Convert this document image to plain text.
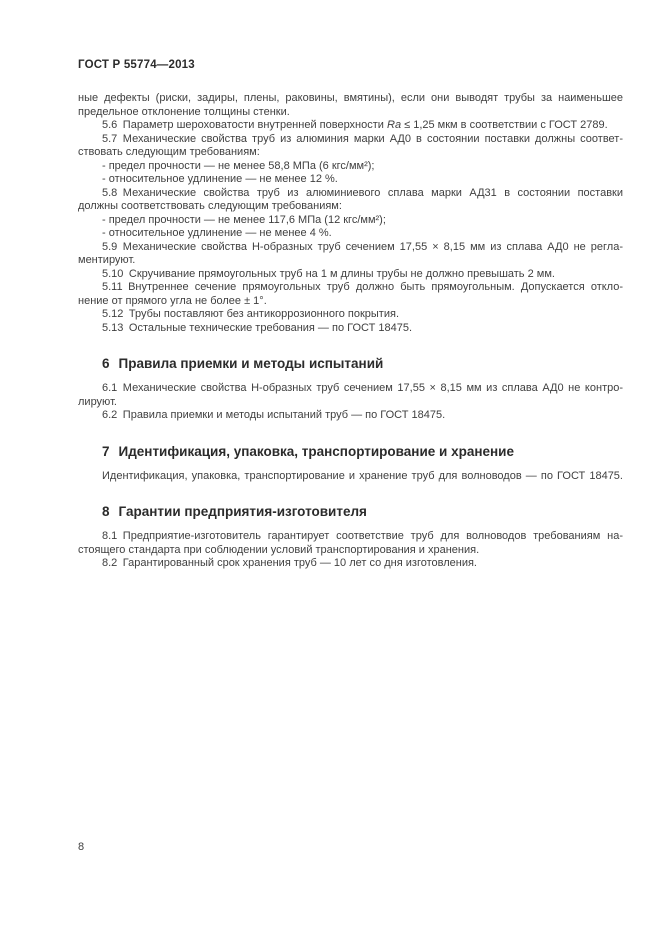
ГОСТ Р 55774—2013
ные дефекты (риски, задиры, плены, раковины, вмятины), если они выводят трубы за наименьшее
предельное отклонение толщины стенки.
5.6 Параметр шероховатости внутренней поверхности Ra ≤ 1,25 мкм в соответствии с ГОСТ 2789.
5.7 Механические свойства труб из алюминия марки АД0 в состоянии поставки должны соответ-
ствовать следующим требованиям:
- предел прочности — не менее 58,8 МПа (6 кгс/мм²);
- относительное удлинение — не менее 12 %.
5.8 Механические свойства труб из алюминиевого сплава марки АД31 в состоянии поставки
должны соответствовать следующим требованиям:
- предел прочности — не менее 117,6 МПа (12 кгс/мм²);
- относительное удлинение — не менее 4 %.
5.9 Механические свойства Н-образных труб сечением 17,55 × 8,15 мм из сплава АД0 не регла-
ментируют.
5.10 Скручивание прямоугольных труб на 1 м длины трубы не должно превышать 2 мм.
5.11 Внутреннее сечение прямоугольных труб должно быть прямоугольным. Допускается откло-
нение от прямого угла не более ± 1°.
5.12 Трубы поставляют без антикоррозионного покрытия.
5.13 Остальные технические требования — по ГОСТ 18475.
6 Правила приемки и методы испытаний
6.1 Механические свойства Н-образных труб сечением 17,55 × 8,15 мм из сплава АД0 не контро-
лируют.
6.2 Правила приемки и методы испытаний труб — по ГОСТ 18475.
7 Идентификация, упаковка, транспортирование и хранение
Идентификация, упаковка, транспортирование и хранение труб для волноводов — по ГОСТ 18475.
8 Гарантии предприятия-изготовителя
8.1 Предприятие-изготовитель гарантирует соответствие труб для волноводов требованиям на-
стоящего стандарта при соблюдении условий транспортирования и хранения.
8.2 Гарантированный срок хранения труб — 10 лет со дня изготовления.
8
